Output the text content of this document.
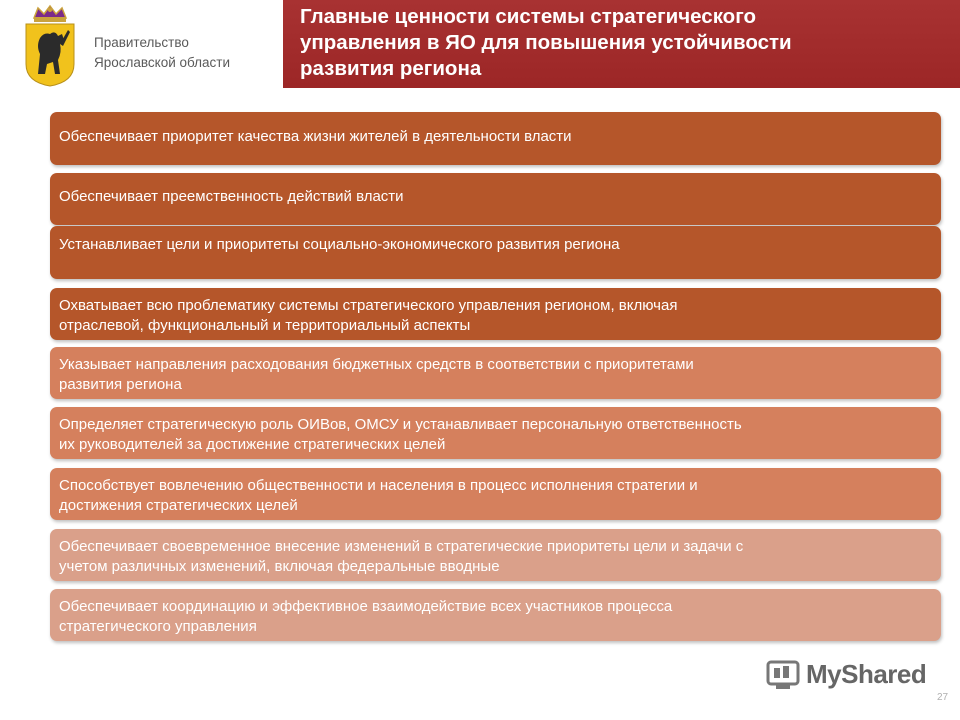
Правительство
Ярославской области
Главные ценности системы стратегического
управления в ЯО для повышения устойчивости
развития региона
Обеспечивает приоритет качества жизни жителей в деятельности власти
Обеспечивает преемственность действий власти
Устанавливает цели и приоритеты социально-экономического развития региона
Охватывает всю проблематику системы стратегического управления регионом, включая
отраслевой, функциональный и территориальный аспекты
Указывает направления расходования бюджетных средств в соответствии с приоритетами
развития региона
Определяет стратегическую роль ОИВов, ОМСУ и устанавливает персональную ответственность
их руководителей за достижение стратегических целей
Способствует вовлечению общественности и населения в процесс исполнения стратегии и
достижения стратегических целей
Обеспечивает своевременное внесение изменений в стратегические приоритеты цели и задачи с
учетом различных изменений, включая федеральные вводные
Обеспечивает координацию и эффективное взаимодействие всех участников процесса
стратегического управления
MyShared
27
